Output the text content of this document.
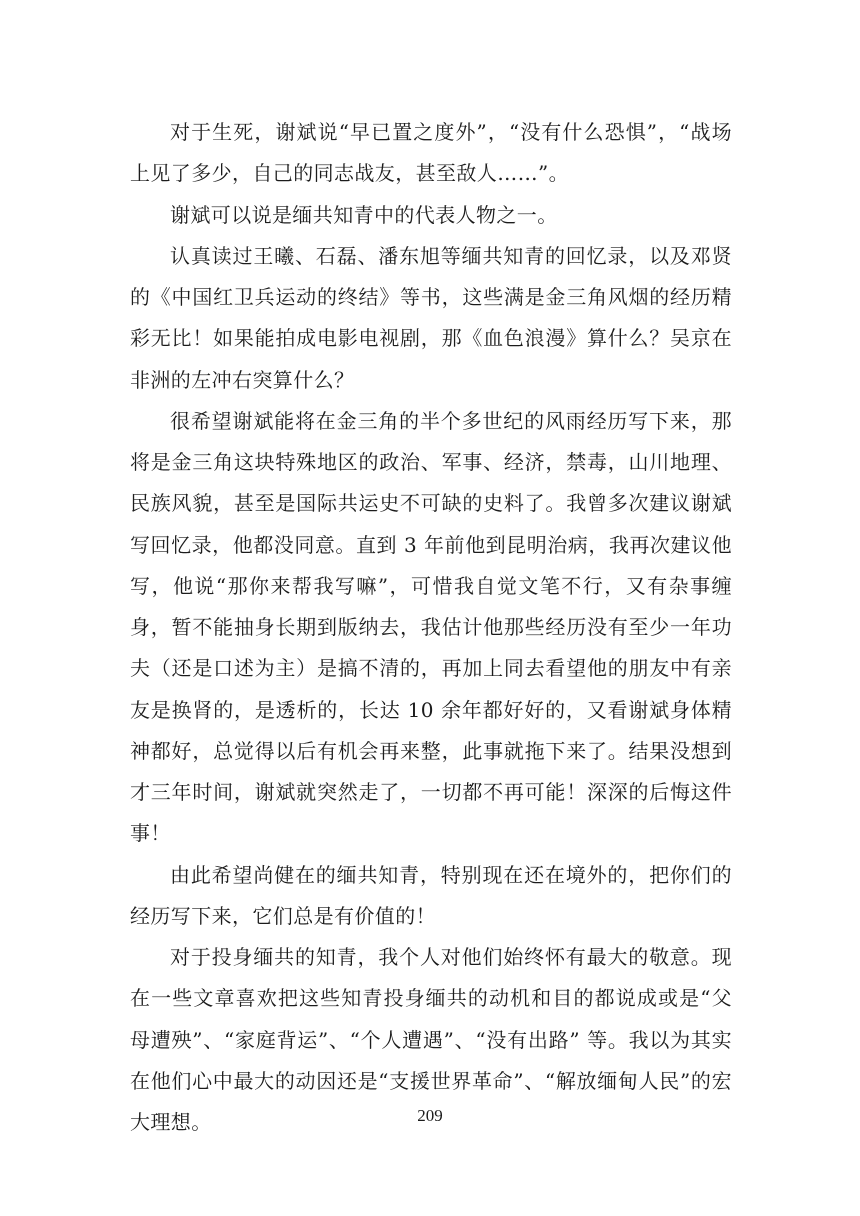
对于生死，谢斌说“早已置之度外”，“没有什么恐惧”，“战场上见了多少，自己的同志战友，甚至敌人……”。

谢斌可以说是缅共知青中的代表人物之一。

认真读过王曦、石磊、潘东旭等缅共知青的回忆录，以及邓贤的《中国红卫兵运动的终结》等书，这些满是金三角风烟的经历精彩无比！如果能拍成电影电视剧，那《血色浪漫》算什么？吴京在非洲的左冲右突算什么？

很希望谢斌能将在金三角的半个多世纪的风雨经历写下来，那将是金三角这块特殊地区的政治、军事、经济，禁毒，山川地理、民族风貌，甚至是国际共运史不可缺的史料了。我曾多次建议谢斌写回忆录，他都没同意。直到 3 年前他到昆明治病，我再次建议他写，他说“那你来帮我写嘛”，可惜我自觉文笔不行，又有杂事缠身，暂不能抽身长期到版纳去，我估计他那些经历没有至少一年功夫（还是口述为主）是搞不清的，再加上同去看望他的朋友中有亲友是换肾的，是透析的，长达 10 余年都好好的，又看谢斌身体精神都好，总觉得以后有机会再来整，此事就拖下来了。结果没想到才三年时间，谢斌就突然走了，一切都不再可能！深深的后悔这件事！

由此希望尚健在的缅共知青，特别现在还在境外的，把你们的经历写下来，它们总是有价值的！

对于投身缅共的知青，我个人对他们始终怀有最大的敬意。现在一些文章喜欢把这些知青投身缅共的动机和目的都说成或是“父母遭殃”、“家庭背运”、“个人遭遇”、“没有出路” 等。我以为其实在他们心中最大的动因还是“支援世界革命”、“解放缅甸人民”的宏大理想。	209
